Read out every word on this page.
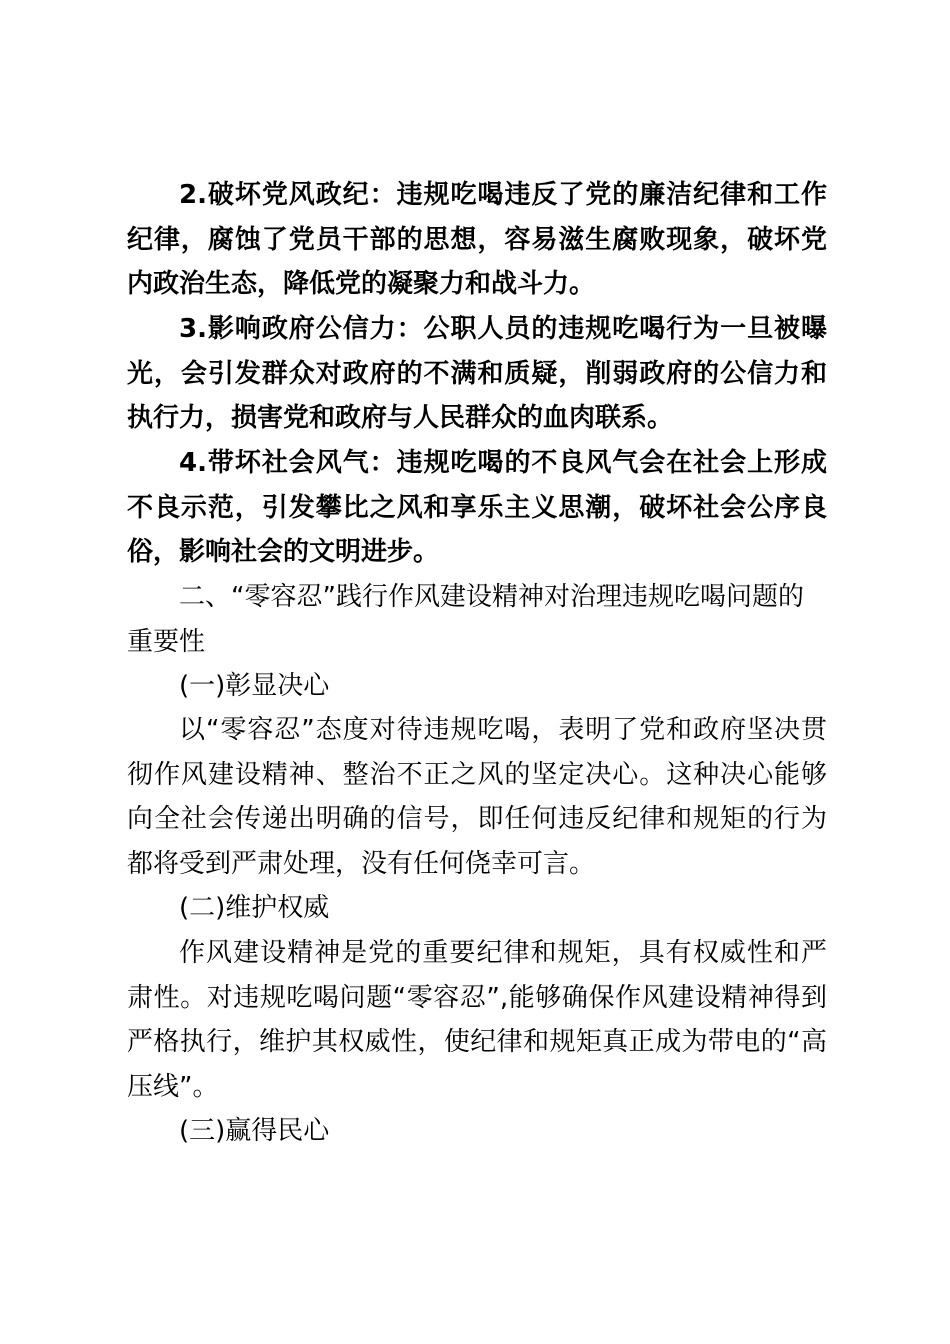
2.破坏党风政纪：违规吃喝违反了党的廉洁纪律和工作纪律，腐蚀了党员干部的思想，容易滋生腐败现象，破坏党内政治生态，降低党的凝聚力和战斗力。

3.影响政府公信力：公职人员的违规吃喝行为一旦被曝光，会引发群众对政府的不满和质疑，削弱政府的公信力和执行力，损害党和政府与人民群众的血肉联系。

4.带坏社会风气：违规吃喝的不良风气会在社会上形成不良示范，引发攀比之风和享乐主义思潮，破坏社会公序良俗，影响社会的文明进步。

二、“零容忍”践行作风建设精神对治理违规吃喝问题的重要性

(一)彰显决心

以“零容忍”态度对待违规吃喝，表明了党和政府坚决贯彻作风建设精神、整治不正之风的坚定决心。这种决心能够向全社会传递出明确的信号，即任何违反纪律和规矩的行为都将受到严肃处理，没有任何侥幸可言。

(二)维护权威

作风建设精神是党的重要纪律和规矩，具有权威性和严肃性。对违规吃喝问题“零容忍”,能够确保作风建设精神得到严格执行，维护其权威性，使纪律和规矩真正成为带电的“高压线”。

(三)赢得民心
